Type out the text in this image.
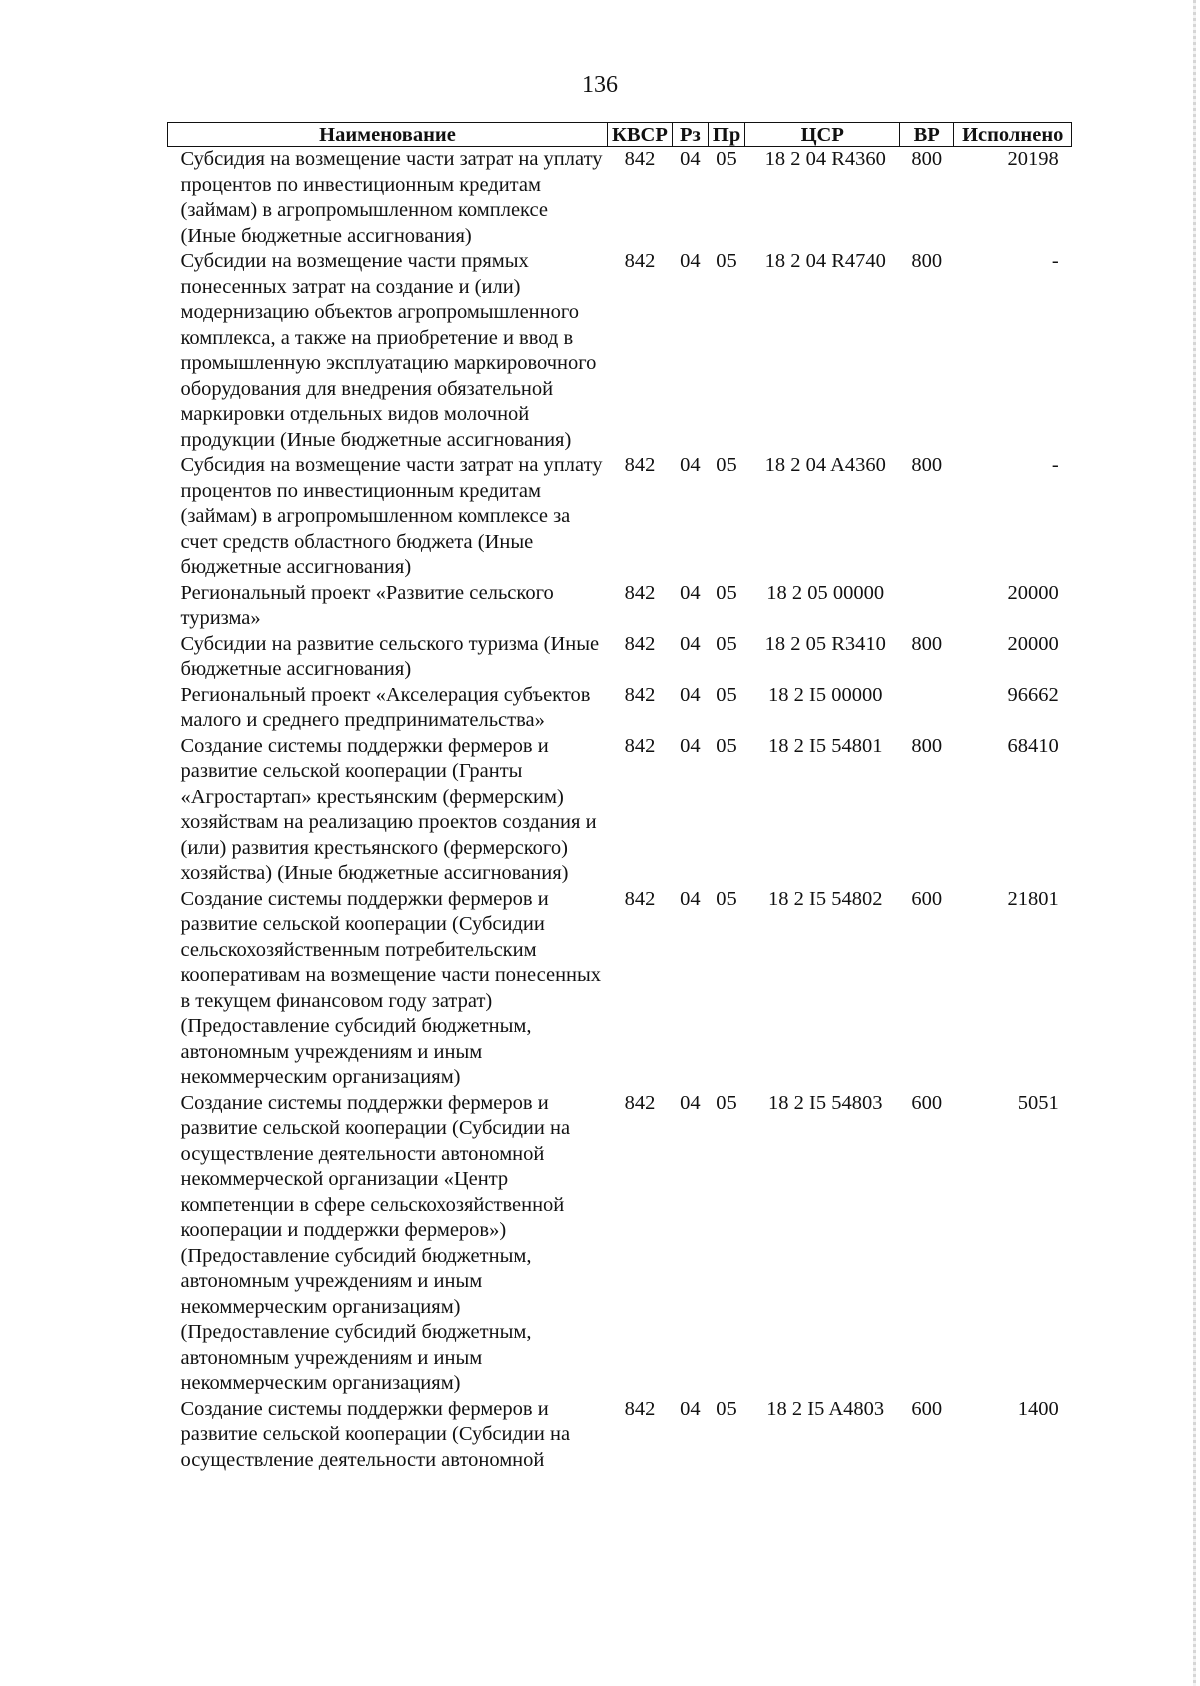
136
Наименование	КВСР	Рз	Пр	ЦСР	ВР	Исполнено
Субсидия на возмещение части затрат на уплату процентов по инвестиционным кредитам (займам) в агропромышленном комплексе (Иные бюджетные ассигнования)	842	04	05	18 2 04 R4360	800	20198
Субсидии на возмещение части прямых понесенных затрат на создание и (или) модернизацию объектов агропромышленного комплекса, а также на приобретение и ввод в промышленную эксплуатацию маркировочного оборудования для внедрения обязательной маркировки отдельных видов молочной продукции (Иные бюджетные ассигнования)	842	04	05	18 2 04 R4740	800	-
Субсидия на возмещение части затрат на уплату процентов по инвестиционным кредитам (займам) в агропромышленном комплексе за счет средств областного бюджета (Иные бюджетные ассигнования)	842	04	05	18 2 04 A4360	800	-
Региональный проект «Развитие сельского туризма»	842	04	05	18 2 05 00000		20000
Субсидии на развитие сельского туризма (Иные бюджетные ассигнования)	842	04	05	18 2 05 R3410	800	20000
Региональный проект «Акселерация субъектов малого и среднего предпринимательства»	842	04	05	18 2 I5 00000		96662
Создание системы поддержки фермеров и развитие сельской кооперации (Гранты «Агростартап» крестьянским (фермерским) хозяйствам на реализацию проектов создания и (или) развития крестьянского (фермерского) хозяйства) (Иные бюджетные ассигнования)	842	04	05	18 2 I5 54801	800	68410
Создание системы поддержки фермеров и развитие сельской кооперации (Субсидии сельскохозяйственным потребительским кооперативам на возмещение части понесенных в текущем финансовом году затрат) (Предоставление субсидий бюджетным, автономным учреждениям и иным некоммерческим организациям)	842	04	05	18 2 I5 54802	600	21801
Создание системы поддержки фермеров и развитие сельской кооперации (Субсидии на осуществление деятельности автономной некоммерческой организации «Центр компетенции в сфере сельскохозяйственной кооперации и поддержки фермеров») (Предоставление субсидий бюджетным, автономным учреждениям и иным некоммерческим организациям) (Предоставление субсидий бюджетным, автономным учреждениям и иным некоммерческим организациям)	842	04	05	18 2 I5 54803	600	5051
Создание системы поддержки фермеров и развитие сельской кооперации (Субсидии на осуществление деятельности автономной	842	04	05	18 2 I5 A4803	600	1400
